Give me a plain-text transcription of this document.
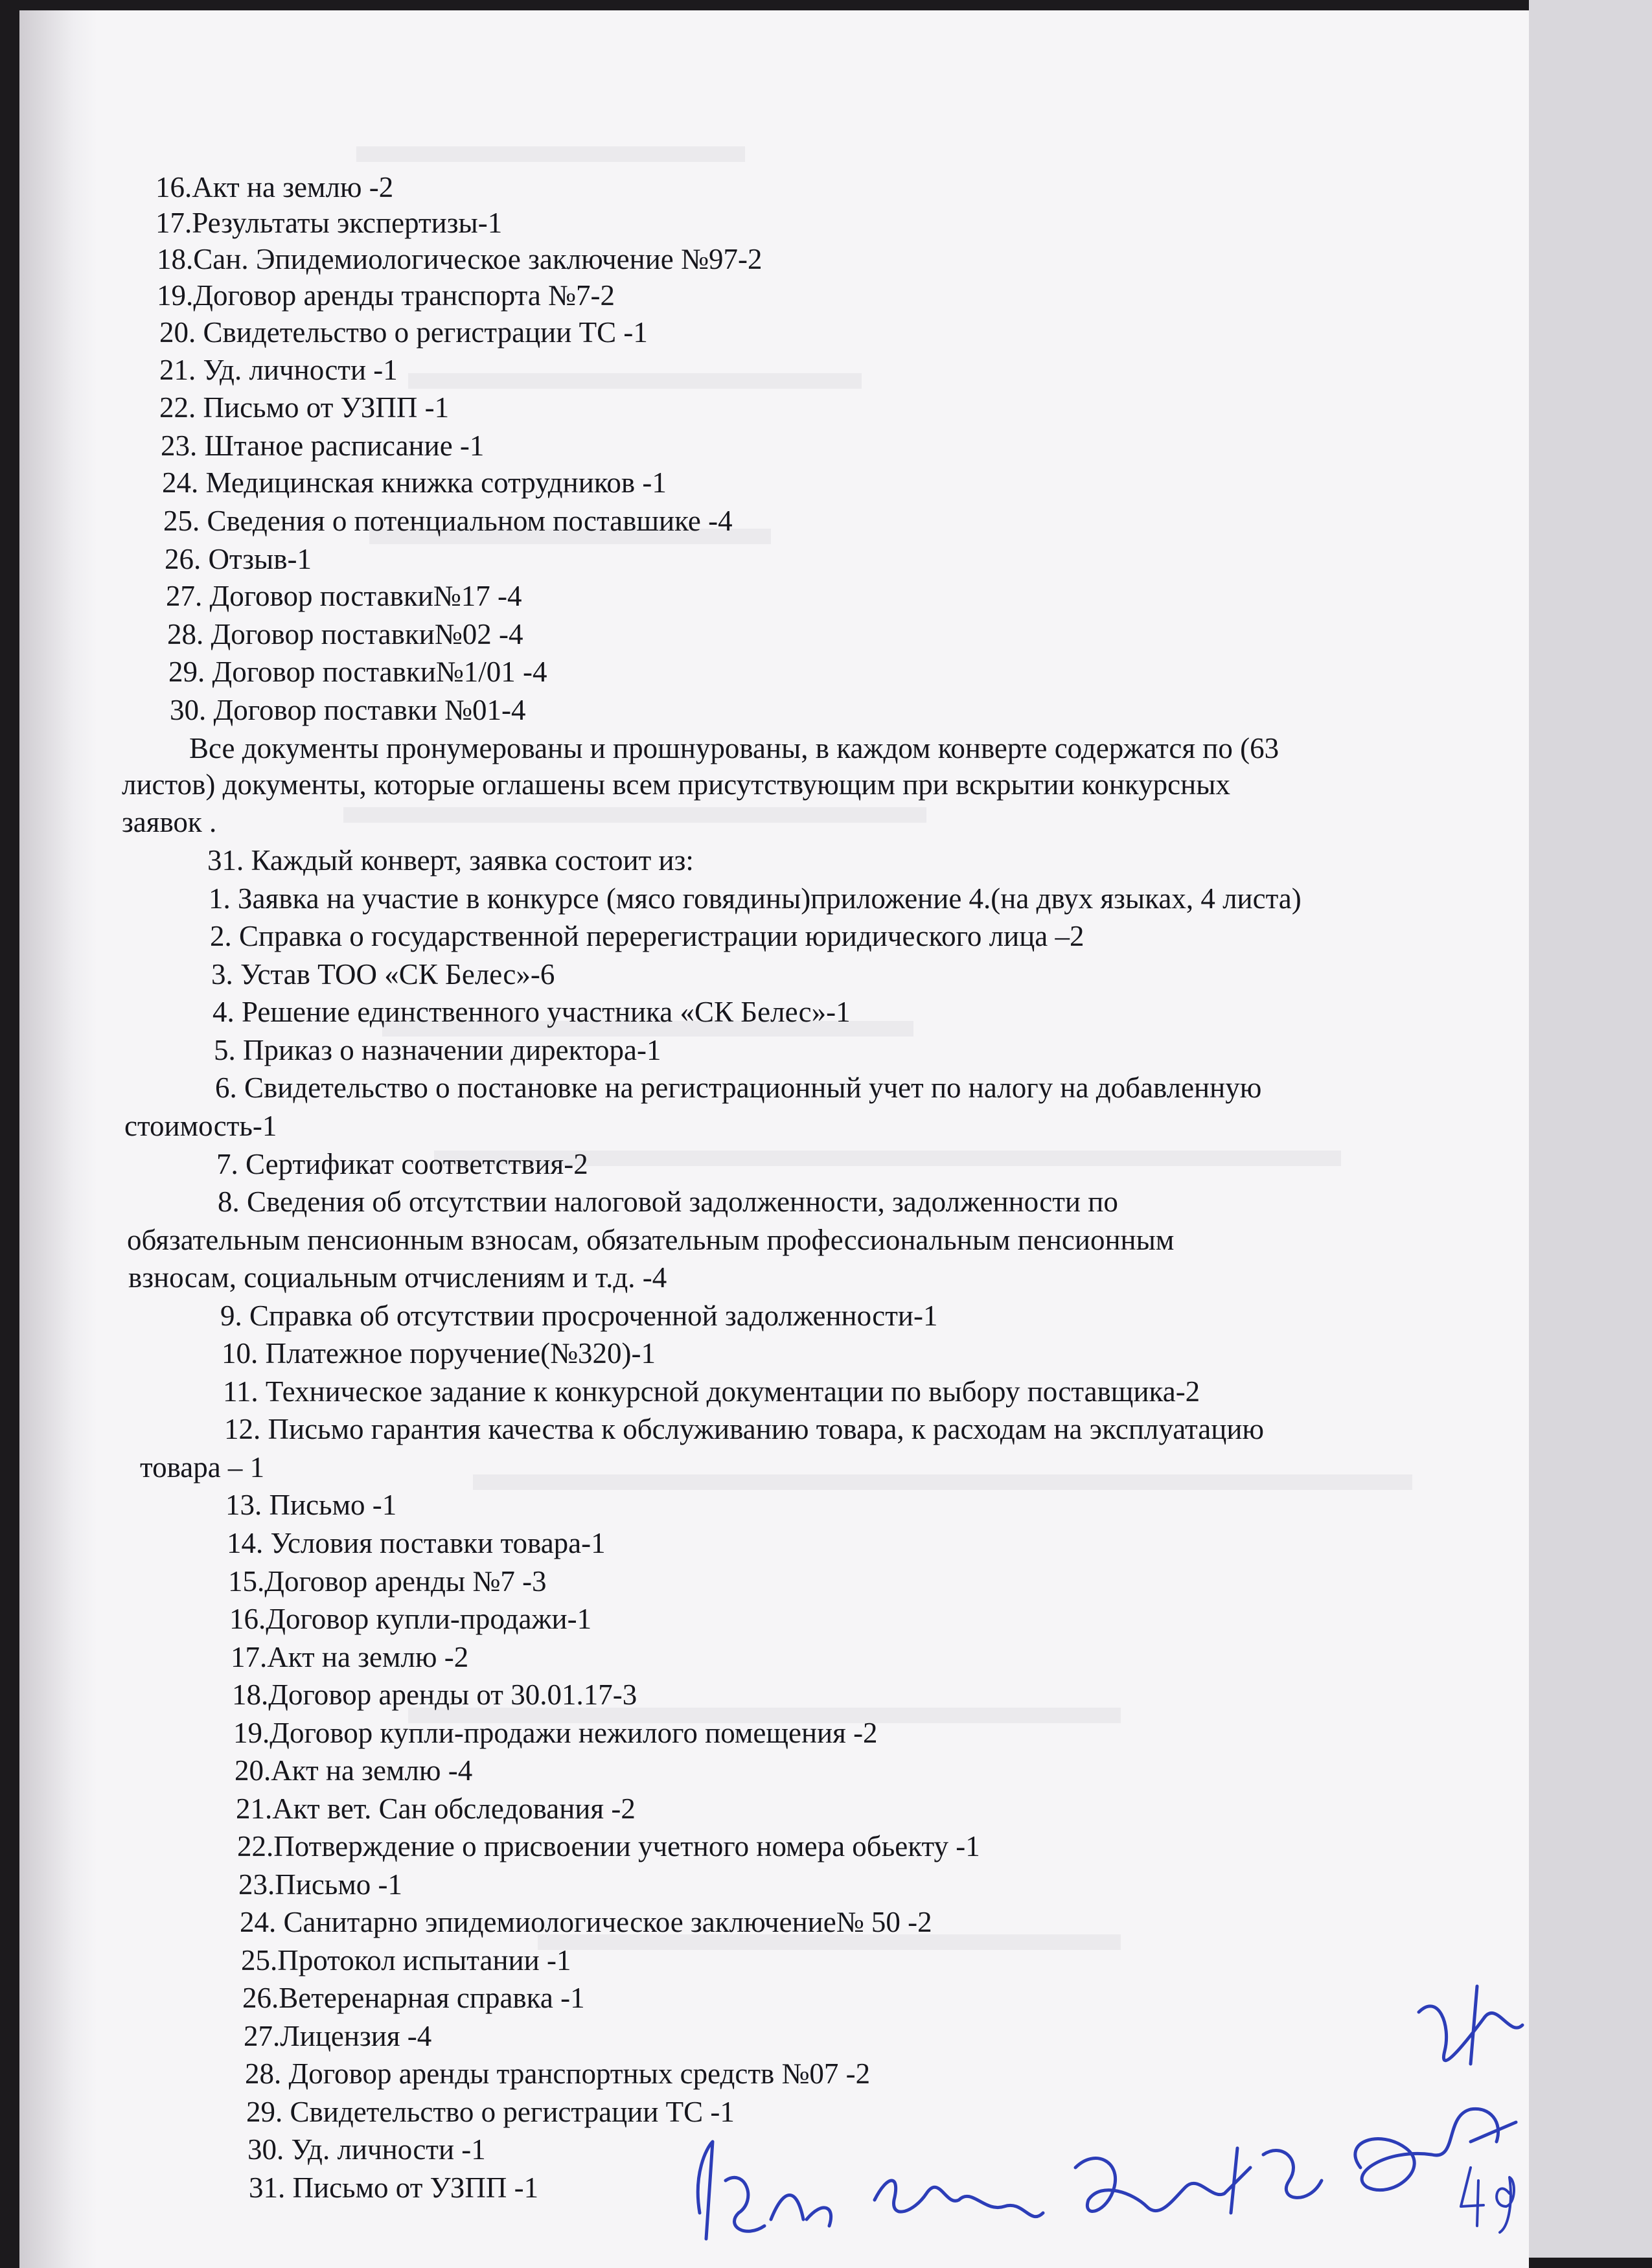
16.Акт на землю -2
17.Результаты экспертизы-1
18.Сан. Эпидемиологическое заключение №97-2
19.Договор аренды транспорта №7-2
20. Свидетельство о регистрации ТС -1
21. Уд. личности -1
22. Письмо от УЗПП -1
23. Штаное расписание -1
24. Медицинская книжка сотрудников -1
25. Сведения о потенциальном поставшике -4
26. Отзыв-1
27. Договор поставки№17 -4
28. Договор поставки№02 -4
29. Договор поставки№1/01 -4
30. Договор поставки №01-4
Все документы пронумерованы и прошнурованы, в каждом конверте содержатся по (63
листов) документы, которые оглашены всем присутствующим при вскрытии конкурсных
заявок .
31. Каждый конверт, заявка состоит из:
1. Заявка на участие в конкурсе (мясо говядины)приложение 4.(на двух языках, 4 листа)
2. Справка о государственной перерегистрации юридического лица –2
3. Устав ТОО «СК Белес»-6
4. Решение единственного участника «СК Белес»-1
5. Приказ о назначении директора-1
6. Свидетельство о постановке на регистрационный учет по налогу на добавленную
стоимость-1
7. Сертификат соответствия-2
8. Сведения об отсутствии налоговой задолженности, задолженности по
обязательным пенсионным взносам, обязательным профессиональным пенсионным
взносам, социальным отчислениям и т.д. -4
9. Справка об отсутствии просроченной задолженности-1
10. Платежное поручение(№320)-1
11. Техническое задание к конкурсной документации по выбору поставщика-2
12. Письмо гарантия качества к обслуживанию товара, к расходам на эксплуатацию
товара – 1
13. Письмо -1
14. Условия поставки товара-1
15.Договор аренды №7 -3
16.Договор купли-продажи-1
17.Акт на землю -2
18.Договор аренды от 30.01.17-3
19.Договор купли-продажи нежилого помещения -2
20.Акт на землю -4
21.Акт вет. Сан обследования -2
22.Потверждение о присвоении учетного номера обьекту -1
23.Письмо -1
24. Санитарно эпидемиологическое заключение№ 50 -2
25.Протокол испытании -1
26.Ветеренарная справка -1
27.Лицензия -4
28. Договор аренды транспортных средств №07 -2
29. Свидетельство о регистрации ТС -1
30. Уд. личности -1
31. Письмо от УЗПП -1
